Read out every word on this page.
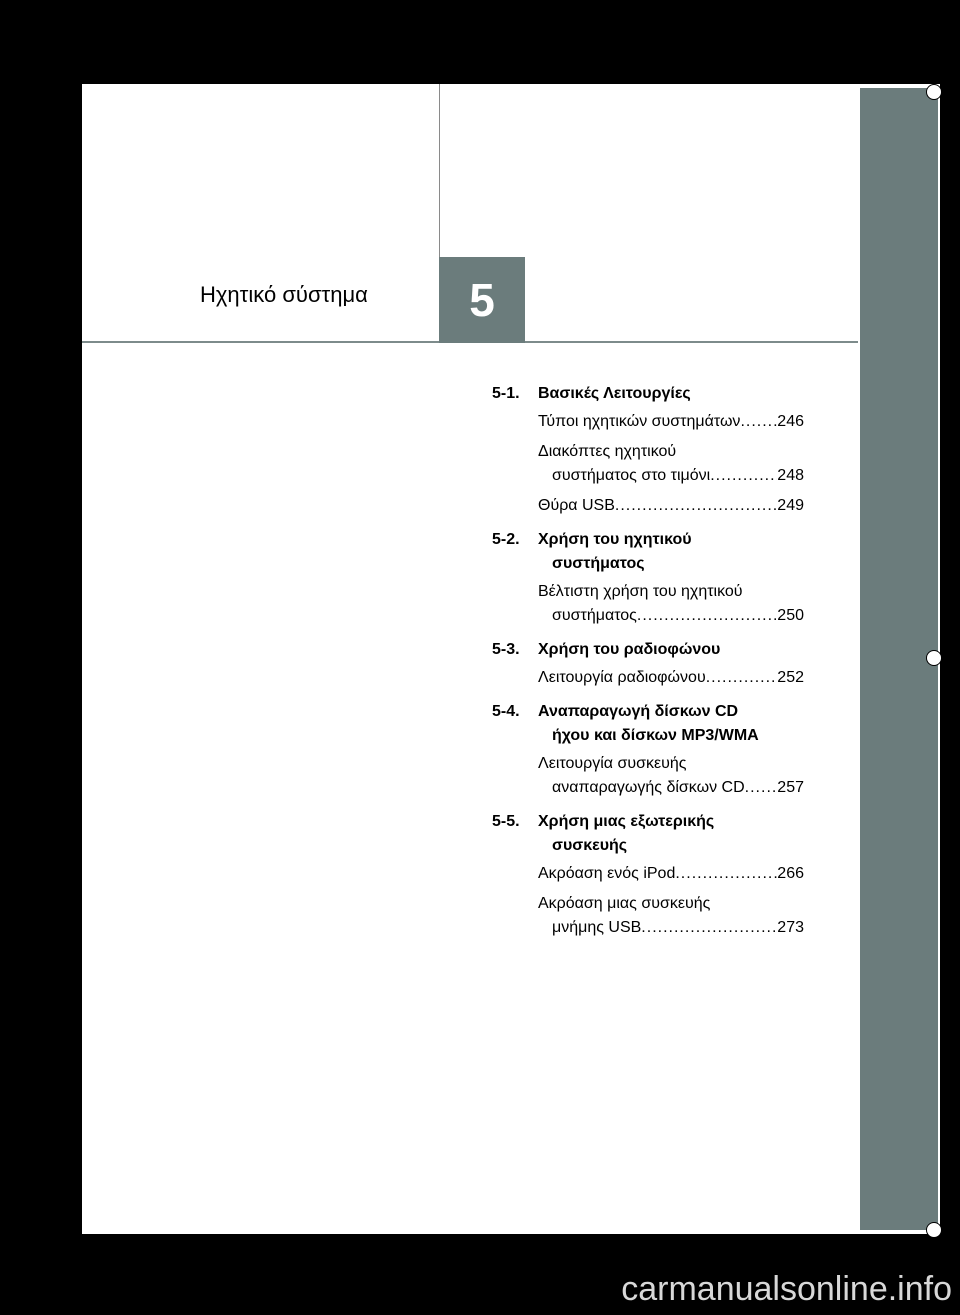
Ηχητικό σύστημα 5
5-1.	Βασικές Λειτουργίες
Τύποι ηχητικών συστημάτων ..... 246
Διακόπτες ηχητικού
συστήματος στο τιμόνι .....	248
Θύρα USB .....	249
5-2.	Χρήση του ηχητικού
συστήματος
Βέλτιστη χρήση του ηχητικού
συστήματος .....	250
5-3.	Χρήση του ραδιοφώνου
Λειτουργία ραδιοφώνου .....	252
5-4.	Αναπαραγωγή δίσκων CD
ήχου και δίσκων MP3/WMA
Λειτουργία συσκευής
αναπαραγωγής δίσκων CD ..... 257
5-5.	Χρήση μιας εξωτερικής
συσκευής
Ακρόαση ενός iPod .....	266
Ακρόαση μιας συσκευής
μνήμης USB .....	273
carmanualsonline.info
